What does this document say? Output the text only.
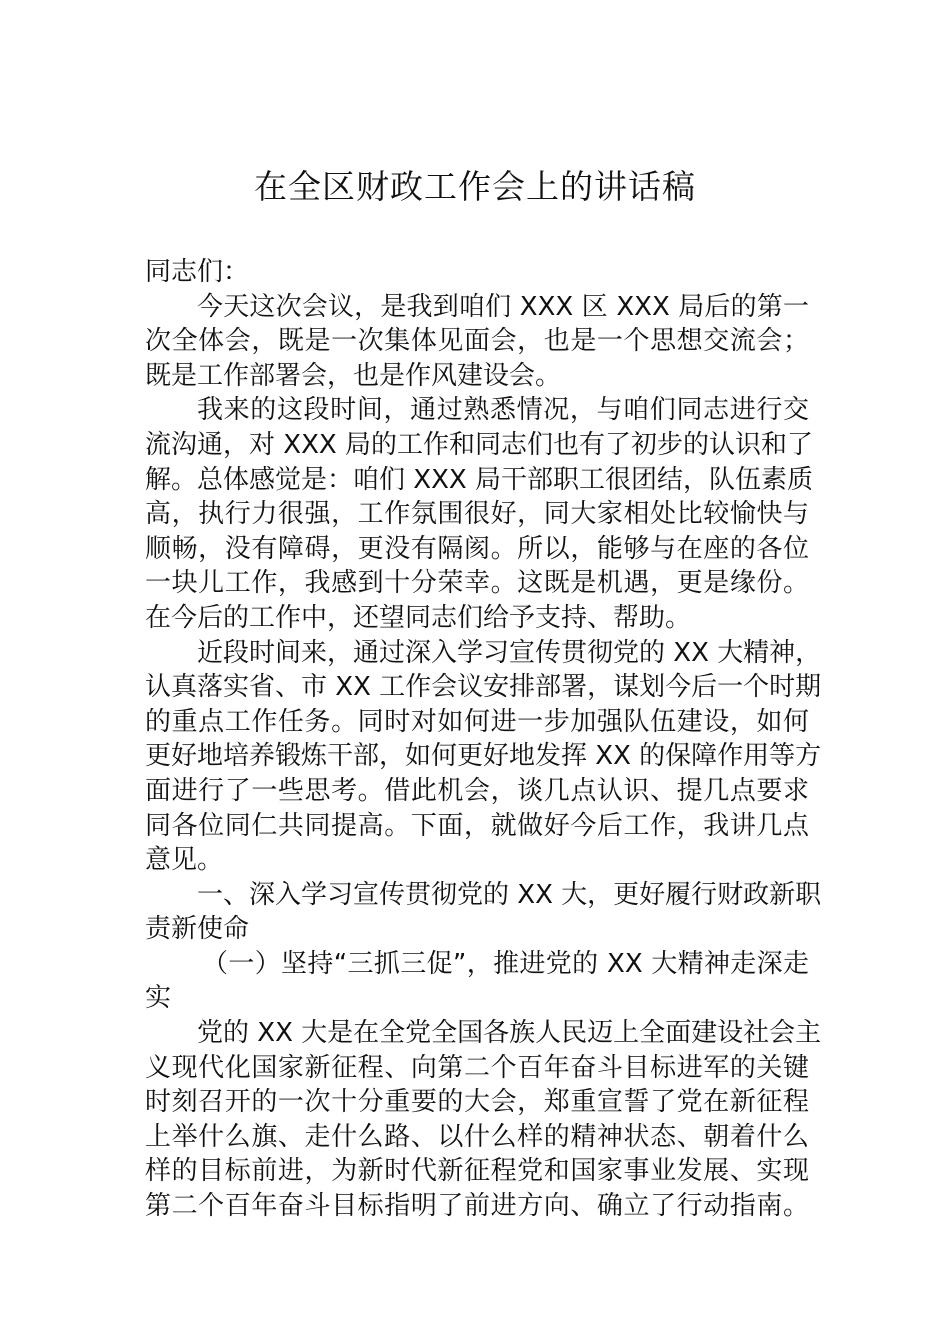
在全区财政工作会上的讲话稿
同志们：
今天这次会议，是我到咱们 XXX 区 XXX 局后的第一
次全体会，既是一次集体见面会，也是一个思想交流会；
既是工作部署会，也是作风建设会。
我来的这段时间，通过熟悉情况，与咱们同志进行交
流沟通，对 XXX 局的工作和同志们也有了初步的认识和了
解。总体感觉是：咱们 XXX 局干部职工很团结，队伍素质
高，执行力很强，工作氛围很好，同大家相处比较愉快与
顺畅，没有障碍，更没有隔阂。所以，能够与在座的各位
一块儿工作，我感到十分荣幸。这既是机遇，更是缘份。
在今后的工作中，还望同志们给予支持、帮助。
近段时间来，通过深入学习宣传贯彻党的 XX 大精神，
认真落实省、市 XX 工作会议安排部署，谋划今后一个时期
的重点工作任务。同时对如何进一步加强队伍建设，如何
更好地培养锻炼干部，如何更好地发挥 XX 的保障作用等方
面进行了一些思考。借此机会，谈几点认识、提几点要求
同各位同仁共同提高。下面，就做好今后工作，我讲几点
意见。
一、深入学习宣传贯彻党的 XX 大，更好履行财政新职
责新使命
（一）坚持“三抓三促”，推进党的 XX 大精神走深走
实
党的 XX 大是在全党全国各族人民迈上全面建设社会主
义现代化国家新征程、向第二个百年奋斗目标进军的关键
时刻召开的一次十分重要的大会，郑重宣誓了党在新征程
上举什么旗、走什么路、以什么样的精神状态、朝着什么
样的目标前进，为新时代新征程党和国家事业发展、实现
第二个百年奋斗目标指明了前进方向、确立了行动指南。
